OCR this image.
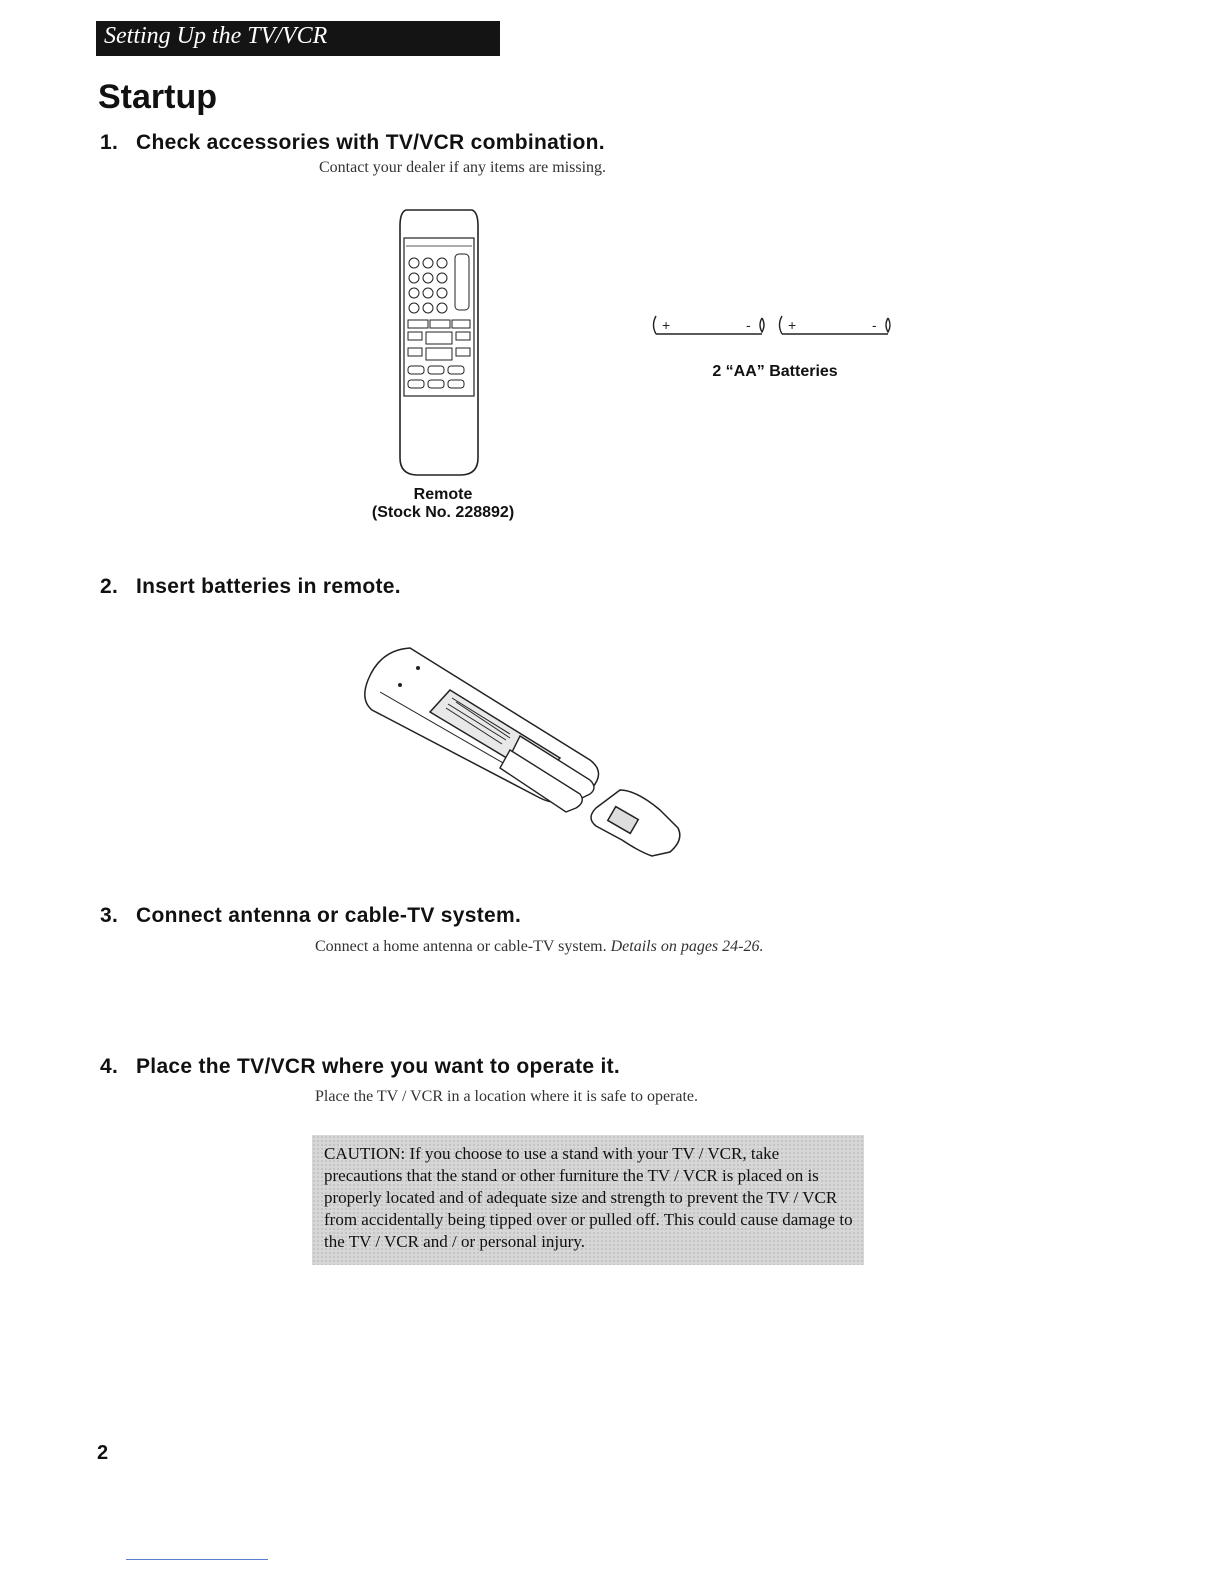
Setting Up the TV/VCR
Startup
1. Check accessories with TV/VCR combination.
Contact your dealer if any items are missing.
Remote
(Stock No. 228892)
+	-	+	-
2 “AA” Batteries
2. Insert batteries in remote.
3. Connect antenna or cable-TV system.
Connect a home antenna or cable-TV system. Details on pages 24-26.
4. Place the TV/VCR where you want to operate it.
Place the TV / VCR in a location where it is safe to operate.

CAUTION: If you choose to use a stand with your TV / VCR, take precautions that the stand or other furniture the TV / VCR is placed on is properly located and of adequate size and strength to prevent the TV / VCR from accidentally being tipped over or pulled off. This could cause damage to the TV / VCR and / or personal injury.

2
